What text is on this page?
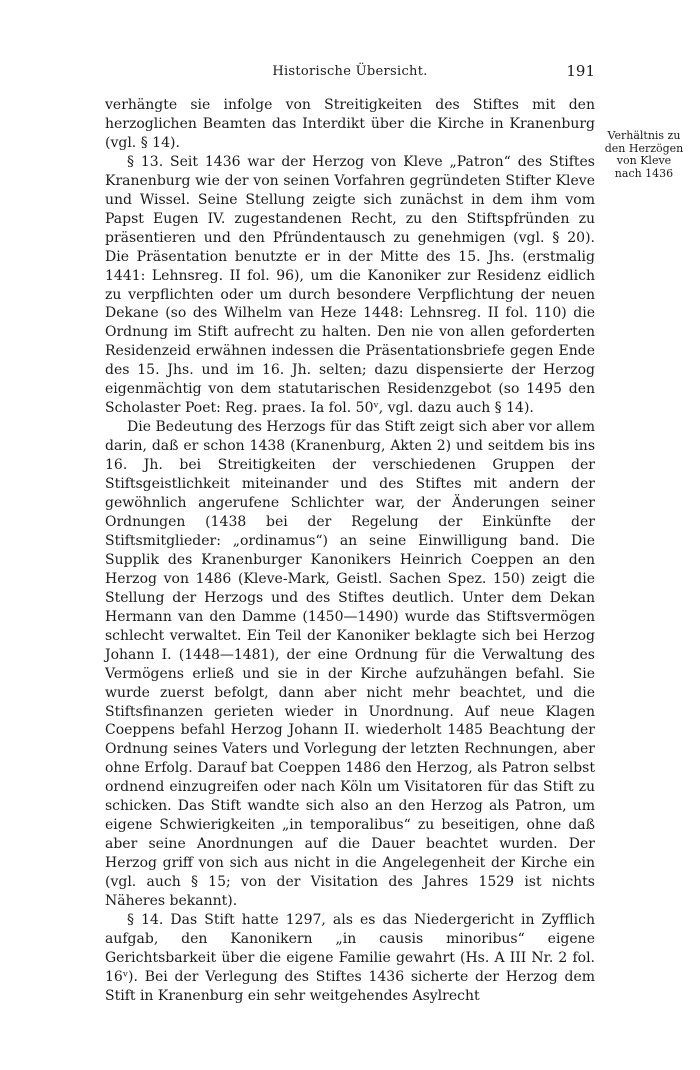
Historische Übersicht.	191
Verhältnis zu
den Herzögen
von Kleve
nach 1436

verhängte sie infolge von Streitigkeiten des Stiftes mit den herzoglichen Beamten das Interdikt über die Kirche in Kranenburg (vgl. § 14).

§ 13. Seit 1436 war der Herzog von Kleve „Patron“ des Stiftes Kranenburg wie der von seinen Vorfahren gegründeten Stifter Kleve und Wissel. Seine Stellung zeigte sich zunächst in dem ihm vom Papst Eugen IV. zugestandenen Recht, zu den Stiftspfründen zu präsentieren und den Pfründentausch zu genehmigen (vgl. § 20). Die Präsentation benutzte er in der Mitte des 15. Jhs. (erstmalig 1441: Lehnsreg. II fol. 96), um die Kanoniker zur Residenz eidlich zu verpflichten oder um durch besondere Verpflichtung der neuen Dekane (so des Wilhelm van Heze 1448: Lehnsreg. II fol. 110) die Ordnung im Stift aufrecht zu halten. Den nie von allen geforderten Residenzeid erwähnen indessen die Präsentationsbriefe gegen Ende des 15. Jhs. und im 16. Jh. selten; dazu dispensierte der Herzog eigenmächtig von dem statutarischen Residenzgebot (so 1495 den Scholaster Poet: Reg. praes. Ia fol. 50ᵛ, vgl. dazu auch § 14).

Die Bedeutung des Herzogs für das Stift zeigt sich aber vor allem darin, daß er schon 1438 (Kranenburg, Akten 2) und seitdem bis ins 16. Jh. bei Streitigkeiten der verschiedenen Gruppen der Stiftsgeistlichkeit miteinander und des Stiftes mit andern der gewöhnlich angerufene Schlichter war, der Änderungen seiner Ordnungen (1438 bei der Regelung der Einkünfte der Stiftsmitglieder: „ordinamus“) an seine Einwilligung band. Die Supplik des Kranenburger Kanonikers Heinrich Coeppen an den Herzog von 1486 (Kleve-Mark, Geistl. Sachen Spez. 150) zeigt die Stellung der Herzogs und des Stiftes deutlich. Unter dem Dekan Hermann van den Damme (1450—1490) wurde das Stiftsvermögen schlecht verwaltet. Ein Teil der Kanoniker beklagte sich bei Herzog Johann I. (1448—1481), der eine Ordnung für die Verwaltung des Vermögens erließ und sie in der Kirche aufzuhängen befahl. Sie wurde zuerst befolgt, dann aber nicht mehr beachtet, und die Stiftsfinanzen gerieten wieder in Unordnung. Auf neue Klagen Coeppens befahl Herzog Johann II. wiederholt 1485 Beachtung der Ordnung seines Vaters und Vorlegung der letzten Rechnungen, aber ohne Erfolg. Darauf bat Coeppen 1486 den Herzog, als Patron selbst ordnend einzugreifen oder nach Köln um Visitatoren für das Stift zu schicken. Das Stift wandte sich also an den Herzog als Patron, um eigene Schwierigkeiten „in temporalibus“ zu beseitigen, ohne daß aber seine Anordnungen auf die Dauer beachtet wurden. Der Herzog griff von sich aus nicht in die Angelegenheit der Kirche ein (vgl. auch § 15; von der Visitation des Jahres 1529 ist nichts Näheres bekannt).

§ 14. Das Stift hatte 1297, als es das Niedergericht in Zyfflich aufgab, den Kanonikern „in causis minoribus“ eigene Gerichtsbarkeit über die eigene Familie gewahrt (Hs. A III Nr. 2 fol. 16ᵛ). Bei der Verlegung des Stiftes 1436 sicherte der Herzog dem Stift in Kranenburg ein sehr weitgehendes Asylrecht
